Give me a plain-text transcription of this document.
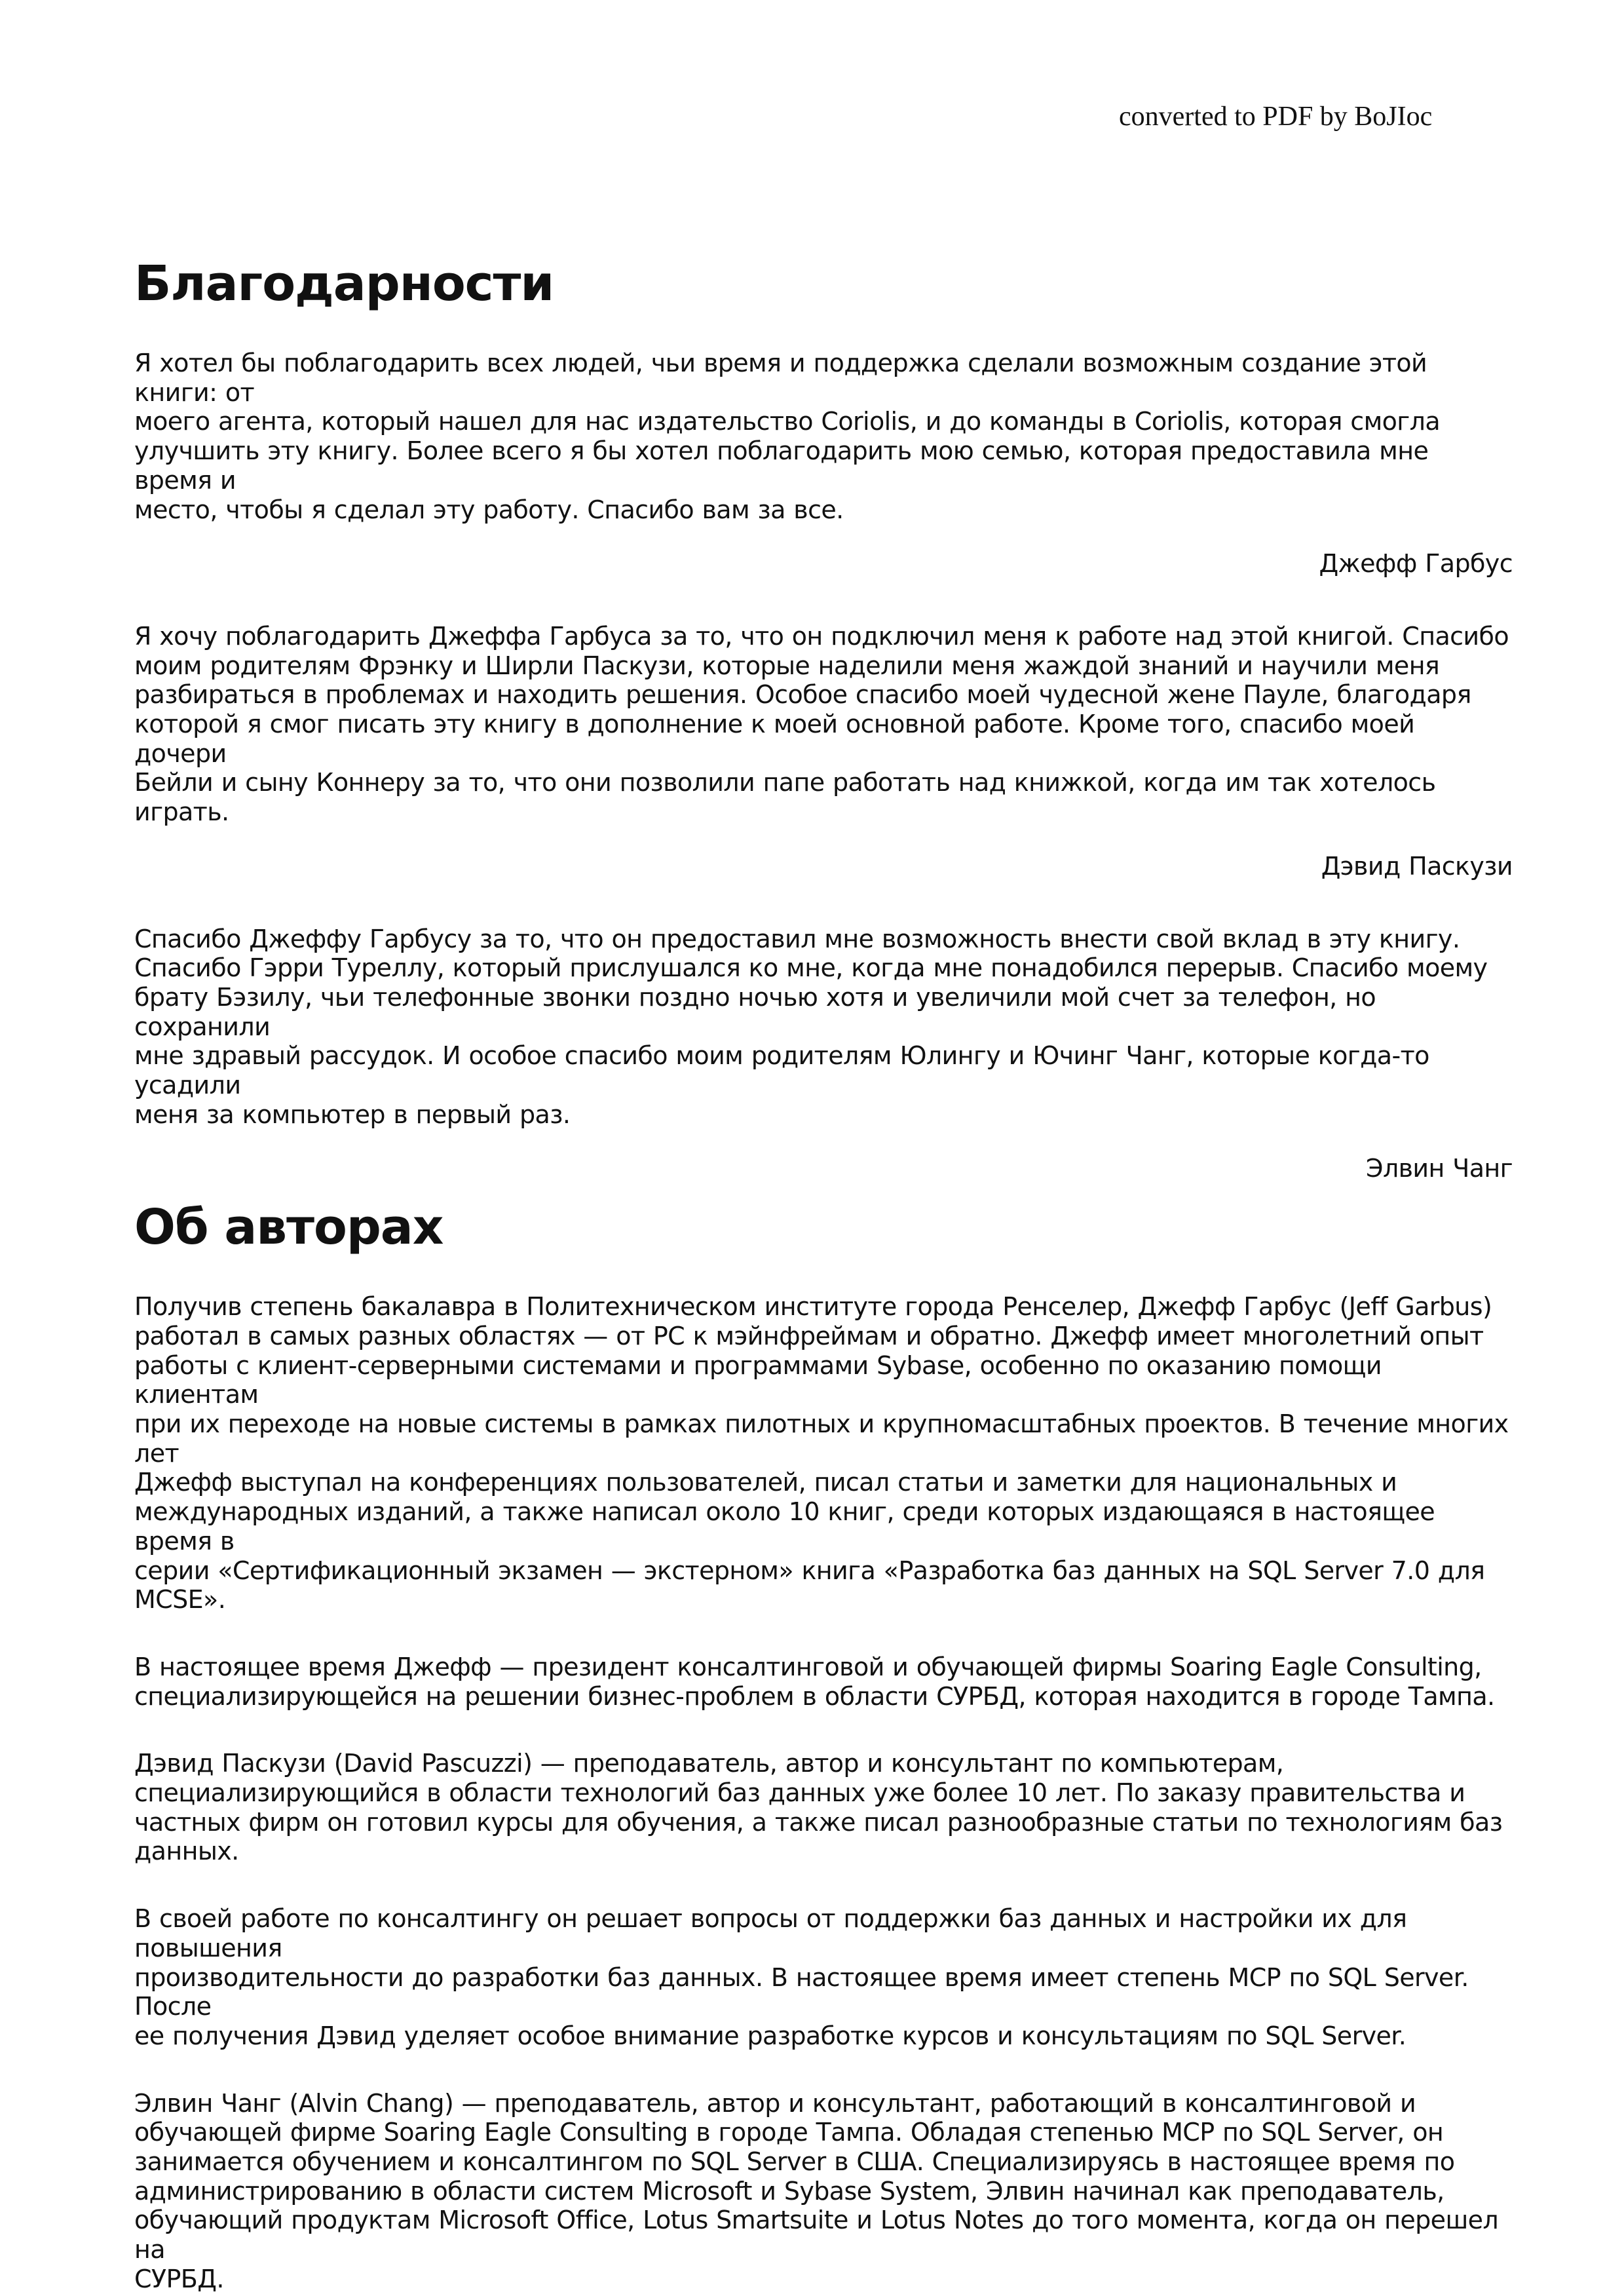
converted to PDF by BoJIoc
Благодарности

Я хотел бы поблагодарить всех людей, чьи время и поддержка сделали возможным создание этой книги: от
моего агента, который нашел для нас издательство Coriolis, и до команды в Coriolis, которая смогла
улучшить эту книгу. Более всего я бы хотел поблагодарить мою семью, которая предоставила мне время и
место, чтобы я сделал эту работу. Спасибо вам за все.

Джефф Гарбус

Я хочу поблагодарить Джеффа Гарбуса за то, что он подключил меня к работе над этой книгой. Спасибо
моим родителям Фрэнку и Ширли Паскузи, которые наделили меня жаждой знаний и научили меня
разбираться в проблемах и находить решения. Особое спасибо моей чудесной жене Пауле, благодаря
которой я смог писать эту книгу в дополнение к моей основной работе. Кроме того, спасибо моей дочери
Бейли и сыну Коннеру за то, что они позволили папе работать над книжкой, когда им так хотелось играть.

Дэвид Паскузи

Спасибо Джеффу Гарбусу за то, что он предоставил мне возможность внести свой вклад в эту книгу.
Спасибо Гэрри Туреллу, который прислушался ко мне, когда мне понадобился перерыв. Спасибо моему
брату Бэзилу, чьи телефонные звонки поздно ночью хотя и увеличили мой счет за телефон, но сохранили
мне здравый рассудок. И особое спасибо моим родителям Юлингу и Ючинг Чанг, которые когда-то усадили
меня за компьютер в первый раз.

Элвин Чанг

Об авторах

Получив степень бакалавра в Политехническом институте города Ренселер, Джефф Гарбус (Jeff Garbus)
работал в самых разных областях — от PC к мэйнфреймам и обратно. Джефф имеет многолетний опыт
работы с клиент-серверными системами и программами Sybase, особенно по оказанию помощи клиентам
при их переходе на новые системы в рамках пилотных и крупномасштабных проектов. В течение многих лет
Джефф выступал на конференциях пользователей, писал статьи и заметки для национальных и
международных изданий, а также написал около 10 книг, среди которых издающаяся в настоящее время в
серии «Сертификационный экзамен — экстерном» книга «Разработка баз данных на SQL Server 7.0 для
MCSE».

В настоящее время Джефф — президент консалтинговой и обучающей фирмы Soaring Eagle Consulting,
специализирующейся на решении бизнес-проблем в области СУРБД, которая находится в городе Тампа.

Дэвид Паскузи (David Pascuzzi) — преподаватель, автор и консультант по компьютерам,
специализирующийся в области технологий баз данных уже более 10 лет. По заказу правительства и
частных фирм он готовил курсы для обучения, а также писал разнообразные статьи по технологиям баз
данных.

В своей работе по консалтингу он решает вопросы от поддержки баз данных и настройки их для повышения
производительности до разработки баз данных. В настоящее время имеет степень MCP по SQL Server. После
ее получения Дэвид уделяет особое внимание разработке курсов и консультациям по SQL Server.

Элвин Чанг (Alvin Chang) — преподаватель, автор и консультант, работающий в консалтинговой и
обучающей фирме Soaring Eagle Consulting в городе Тампа. Обладая степенью MCP по SQL Server, он
занимается обучением и консалтингом по SQL Server в США. Специализируясь в настоящее время по
администрированию в области систем Microsoft и Sybase System, Элвин начинал как преподаватель,
обучающий продуктам Microsoft Office, Lotus Smartsuite и Lotus Notes до того момента, когда он перешел на
СУРБД.
